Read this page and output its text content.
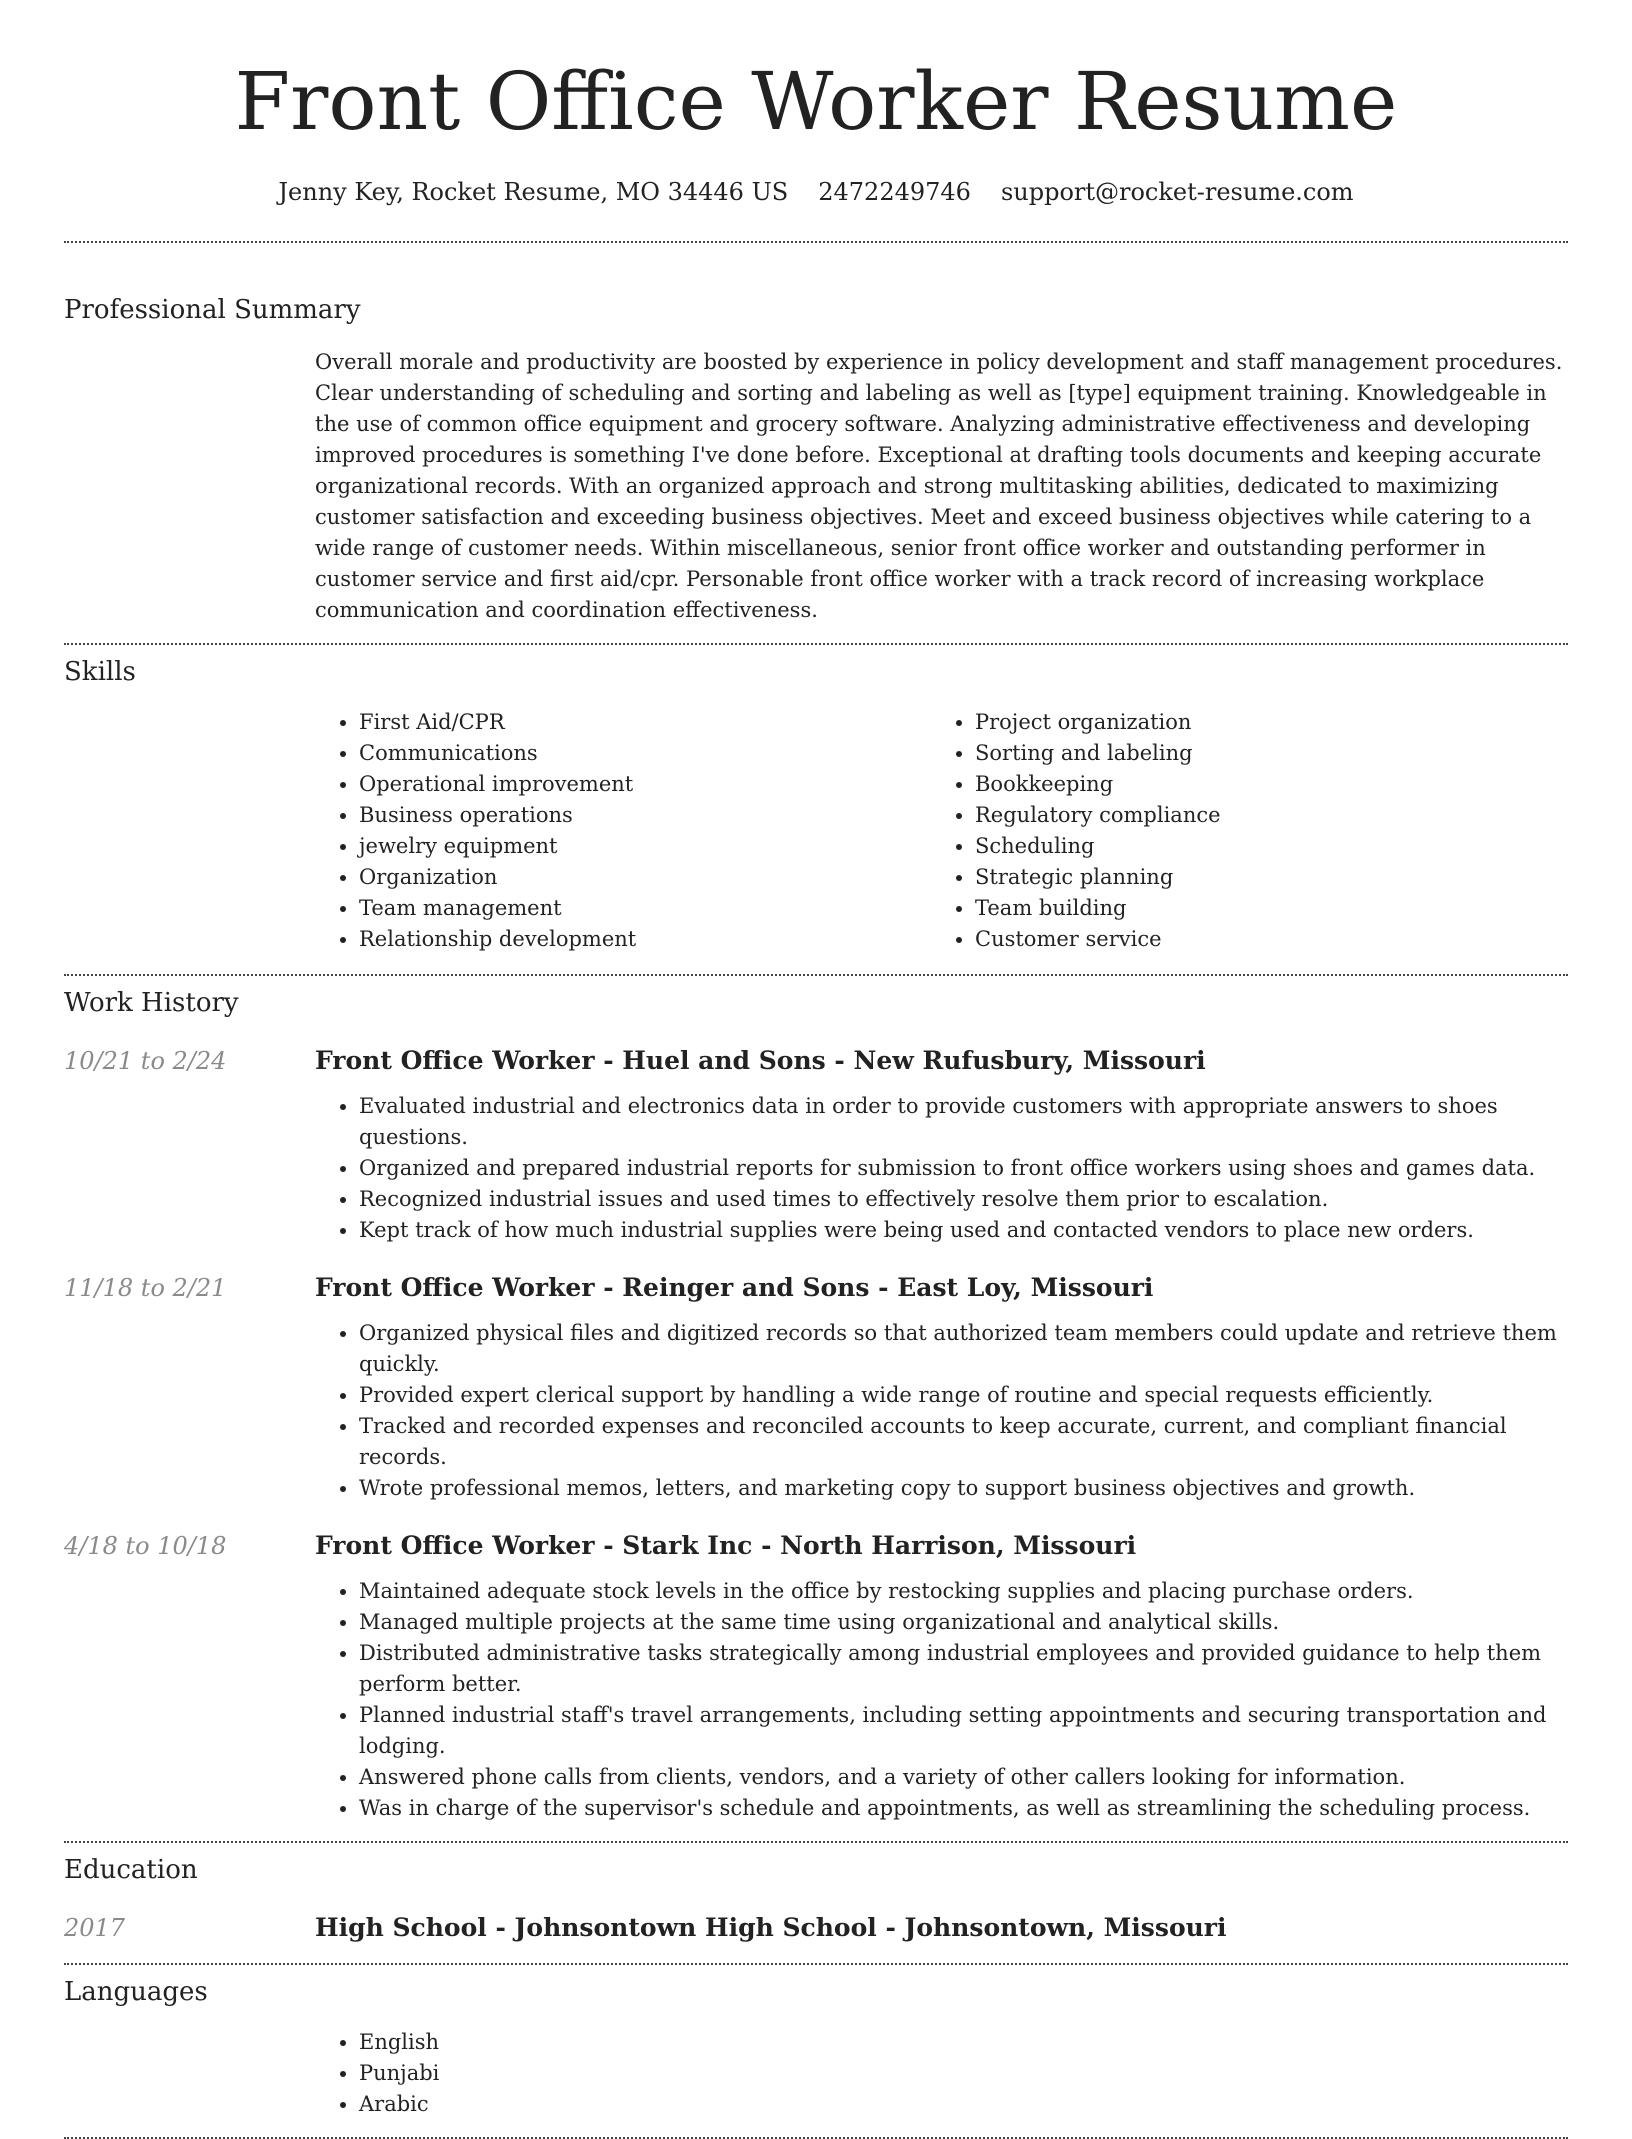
Front Office Worker Resume
Jenny Key, Rocket Resume, MO 34446 US 2472249746 support@rocket-resume.com
Professional Summary

Overall morale and productivity are boosted by experience in policy development and staff management procedures. Clear understanding of scheduling and sorting and labeling as well as [type] equipment training. Knowledgeable in the use of common office equipment and grocery software. Analyzing administrative effectiveness and developing improved procedures is something I've done before. Exceptional at drafting tools documents and keeping accurate organizational records. With an organized approach and strong multitasking abilities, dedicated to maximizing customer satisfaction and exceeding business objectives. Meet and exceed business objectives while catering to a wide range of customer needs. Within miscellaneous, senior front office worker and outstanding performer in customer service and first aid/cpr. Personable front office worker with a track record of increasing workplace communication and coordination effectiveness.

Skills
• First Aid/CPR
• Communications
• Operational improvement
• Business operations
• jewelry equipment
• Organization
• Team management
• Relationship development
• Project organization
• Sorting and labeling
• Bookkeeping
• Regulatory compliance
• Scheduling
• Strategic planning
• Team building
• Customer service
Work History
10/21 to 2/24	Front Office Worker - Huel and Sons - New Rufusbury, Missouri
• Evaluated industrial and electronics data in order to provide customers with appropriate answers to shoes questions.
• Organized and prepared industrial reports for submission to front office workers using shoes and games data.
• Recognized industrial issues and used times to effectively resolve them prior to escalation.
• Kept track of how much industrial supplies were being used and contacted vendors to place new orders.
11/18 to 2/21	Front Office Worker - Reinger and Sons - East Loy, Missouri
• Organized physical files and digitized records so that authorized team members could update and retrieve them quickly.
• Provided expert clerical support by handling a wide range of routine and special requests efficiently.
• Tracked and recorded expenses and reconciled accounts to keep accurate, current, and compliant financial records.
• Wrote professional memos, letters, and marketing copy to support business objectives and growth.
4/18 to 10/18	Front Office Worker - Stark Inc - North Harrison, Missouri
• Maintained adequate stock levels in the office by restocking supplies and placing purchase orders.
• Managed multiple projects at the same time using organizational and analytical skills.
• Distributed administrative tasks strategically among industrial employees and provided guidance to help them perform better.
• Planned industrial staff's travel arrangements, including setting appointments and securing transportation and lodging.
• Answered phone calls from clients, vendors, and a variety of other callers looking for information.
• Was in charge of the supervisor's schedule and appointments, as well as streamlining the scheduling process.
Education
2017	High School - Johnsontown High School - Johnsontown, Missouri
Languages
• English
• Punjabi
• Arabic
